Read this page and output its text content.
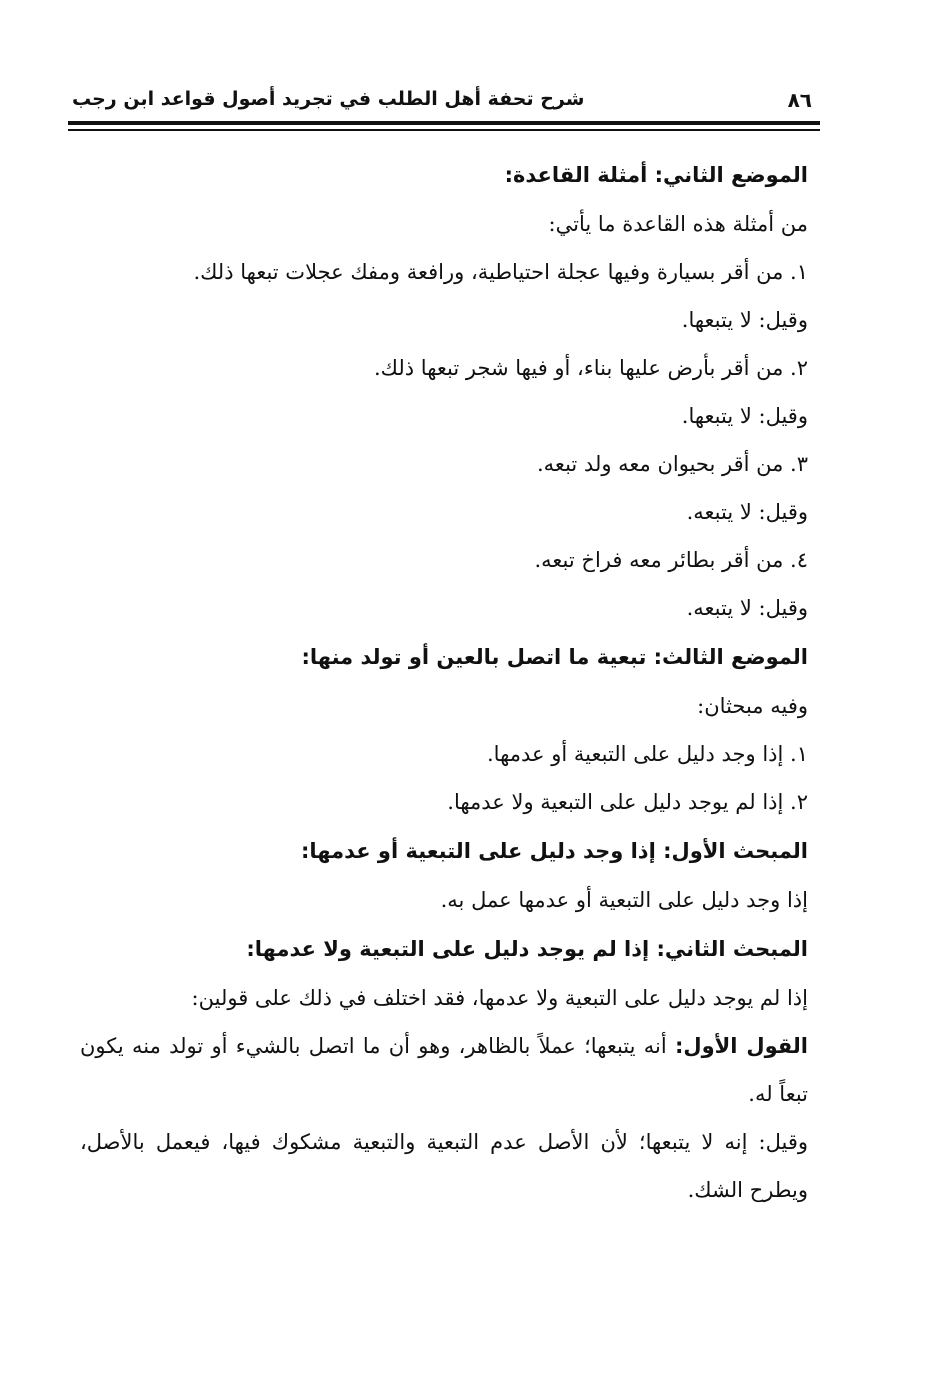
٨٦
شرح تحفة أهل الطلب في تجريد أصول قواعد ابن رجب
الموضع الثاني: أمثلة القاعدة:
من أمثلة هذه القاعدة ما يأتي:
١. من أقر بسيارة وفيها عجلة احتياطية، ورافعة ومفك عجلات تبعها ذلك.
وقيل: لا يتبعها.
٢. من أقر بأرض عليها بناء، أو فيها شجر تبعها ذلك.
وقيل: لا يتبعها.
٣. من أقر بحيوان معه ولد تبعه.
وقيل: لا يتبعه.
٤. من أقر بطائر معه فراخ تبعه.
وقيل: لا يتبعه.
الموضع الثالث: تبعية ما اتصل بالعين أو تولد منها:
وفيه مبحثان:
١. إذا وجد دليل على التبعية أو عدمها.
٢. إذا لم يوجد دليل على التبعية ولا عدمها.
المبحث الأول: إذا وجد دليل على التبعية أو عدمها:
إذا وجد دليل على التبعية أو عدمها عمل به.
المبحث الثاني: إذا لم يوجد دليل على التبعية ولا عدمها:
إذا لم يوجد دليل على التبعية ولا عدمها، فقد اختلف في ذلك على قولين:
القول الأول: أنه يتبعها؛ عملاً بالظاهر، وهو أن ما اتصل بالشيء أو تولد منه يكون تبعاً له.
وقيل: إنه لا يتبعها؛ لأن الأصل عدم التبعية والتبعية مشكوك فيها، فيعمل بالأصل، ويطرح الشك.
